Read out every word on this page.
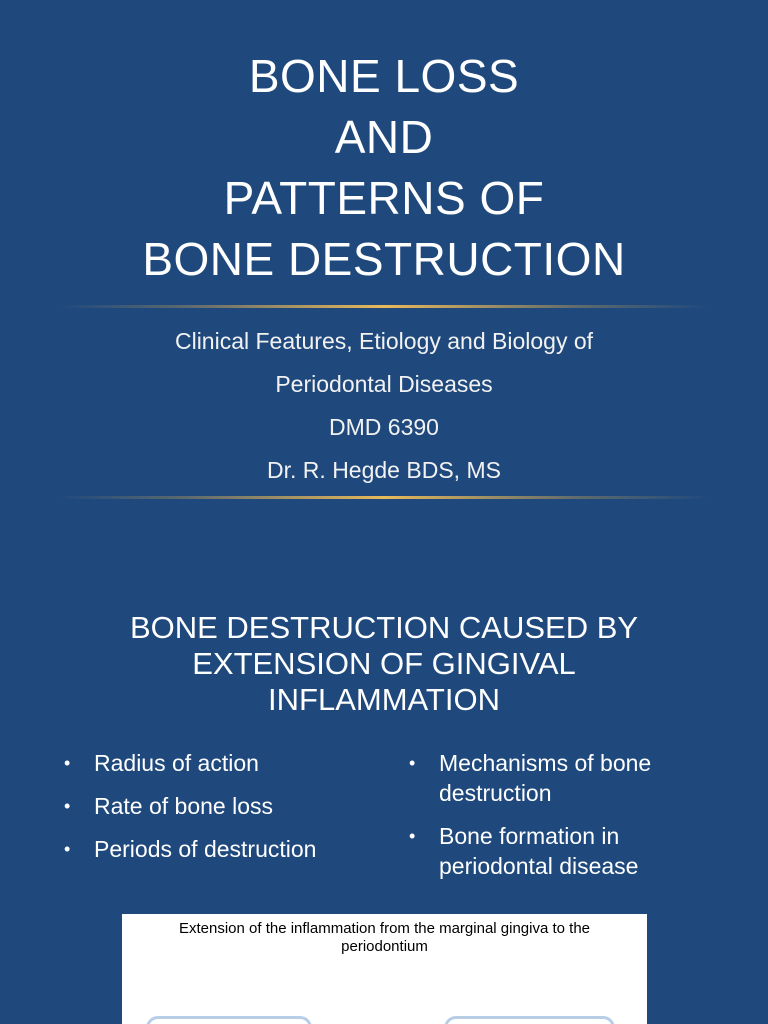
BONE LOSS
AND
PATTERNS OF
BONE DESTRUCTION
Clinical Features, Etiology and Biology of
Periodontal Diseases
DMD 6390
Dr. R. Hegde BDS, MS
BONE DESTRUCTION CAUSED BY
EXTENSION OF GINGIVAL
INFLAMMATION
• Radius of action
• Rate of bone loss
• Periods of destruction
• Mechanisms of bone destruction
• Bone formation in periodontal disease
Extension of the inflammation from the marginal gingiva to the
periodontium
